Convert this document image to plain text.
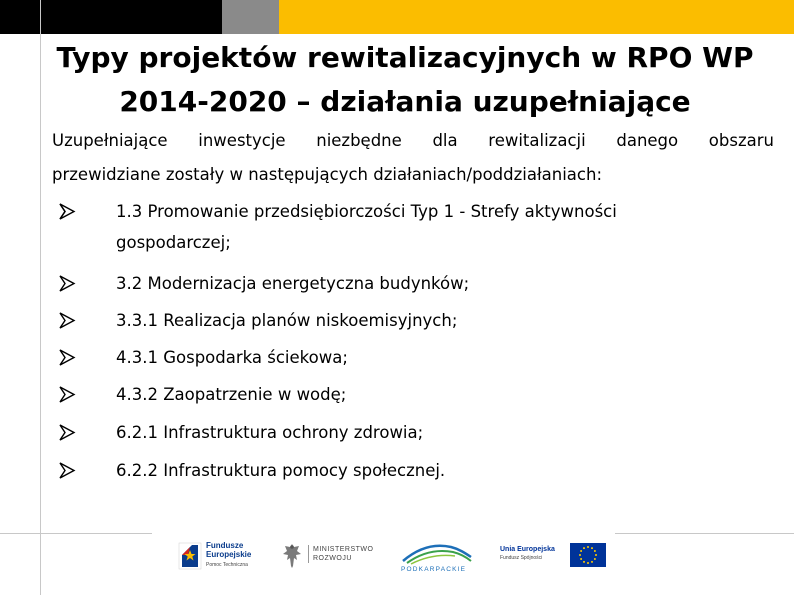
Typy projektów rewitalizacyjnych w RPO WP
2014-2020 – działania uzupełniające
Uzupełniające inwestycje niezbędne dla rewitalizacji danego obszaru
przewidziane zostały w następujących działaniach/poddziałaniach:
1.3 Promowanie przedsiębiorczości Typ 1 - Strefy aktywności
gospodarczej;
3.2 Modernizacja energetyczna budynków;
3.3.1 Realizacja planów niskoemisyjnych;
4.3.1 Gospodarka ściekowa;
4.3.2 Zaopatrzenie w wodę;
6.2.1 Infrastruktura ochrony zdrowia;
6.2.2 Infrastruktura pomocy społecznej.
Fundusze
Europejskie
Pomoc Techniczna
MINISTERSTWO
ROZWOJU
PODKARPACKIE
Unia Europejska
Fundusz Spójności
